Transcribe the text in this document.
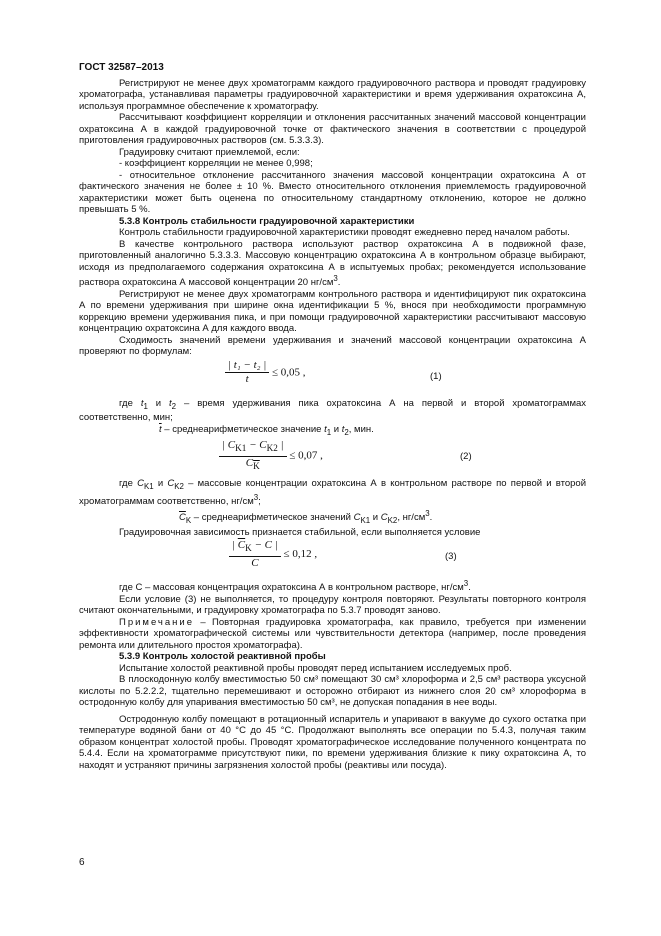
ГОСТ 32587–2013

Регистрируют не менее двух хроматограмм каждого градуировочного раствора и проводят градуировку хроматографа, устанавливая параметры градуировочной характеристики и время удерживания охратоксина А, используя программное обеспечение к хроматографу.

Рассчитывают коэффициент корреляции и отклонения рассчитанных значений массовой концентрации охратоксина А в каждой градуировочной точке от фактического значения в соответствии с процедурой приготовления градуировочных растворов (см. 5.3.3.3).

Градуировку считают приемлемой, если:

- коэффициент корреляции не менее 0,998;

- относительное отклонение рассчитанного значения массовой концентрации охратоксина А от фактического значения не более ± 10 %. Вместо относительного отклонения приемлемость градуировочной характеристики может быть оценена по относительному стандартному отклонению, которое не должно превышать 5 %.

5.3.8 Контроль стабильности градуировочной характеристики

Контроль стабильности градуировочной характеристики проводят ежедневно перед началом работы.

В качестве контрольного раствора используют раствор охратоксина А в подвижной фазе, приготовленный аналогично 5.3.3.3. Массовую концентрацию охратоксина А в контрольном образце выбирают, исходя из предполагаемого содержания охратоксина А в испытуемых пробах; рекомендуется использование раствора охратоксина А массовой концентрации 20 $нг/см^3$.

Регистрируют не менее двух хроматограмм контрольного раствора и идентифицируют пик охратоксина А по времени удерживания при ширине окна идентификации 5 %, внося при необходимости программную коррекцию времени удерживания пика, и при помощи градуировочной характеристики рассчитывают массовую концентрацию охратоксина А для каждого ввода.

Сходимость значений времени удерживания и значений массовой концентрации охратоксина А проверяют по формулам:

$\frac{\text{| t₁ − t₂ |}}{t} \le 0,05$ ,	(1)

где $t_1$ и $t_2$ – время удерживания пика охратоксина А на первой и второй хроматограммах соответственно, мин;

$\overline{t}$ – среднеарифметическое значение $t_1$ и $t_2$, мин.

$\frac{| C_{K1} - C_{K2} |}{C_K} \le 0,07$ ,	(2)

где $C_{K1}$ и $C_{K2}$ – массовые концентрации охратоксина А в контрольном растворе по первой и второй хроматограммам соответственно, $нг/см^3$;

$\overline{C}_K$ – среднеарифметическое значений $C_{K1}$ и $C_{K2}$, $нг/см^3$.

Градуировочная зависимость признается стабильной, если выполняется условие

$\frac{| \overline{C}_K - C |}{C} \le 0,12$ ,	(3)

где C – массовая концентрация охратоксина А в контрольном растворе, $нг/см^3$.

Если условие (3) не выполняется, то процедуру контроля повторяют. Результаты повторного контроля считают окончательными, и градуировку хроматографа по 5.3.7 проводят заново.

Примечание – Повторная градуировка хроматографа, как правило, требуется при изменении эффективности хроматографической системы или чувствительности детектора (например, после проведения ремонта или длительного простоя хроматографа).

5.3.9 Контроль холостой реактивной пробы

Испытание холостой реактивной пробы проводят перед испытанием исследуемых проб.

В плоскодонную колбу вместимостью 50 см³ помещают 30 см³ хлороформа и 2,5 см³ раствора уксусной кислоты по 5.2.2.2, тщательно перемешивают и осторожно отбирают из нижнего слоя 20 см³ хлороформа в остродонную колбу для упаривания вместимостью 50 см³, не допуская попадания в нее воды.

Остродонную колбу помещают в ротационный испаритель и упаривают в вакууме до сухого остатка при температуре водяной бани от 40 °С до 45 °С. Продолжают выполнять все операции по 5.4.3, получая таким образом концентрат холостой пробы. Проводят хроматографическое исследование полученного концентрата по 5.4.4. Если на хроматограмме присутствуют пики, по времени удерживания близкие к пику охратоксина А, то находят и устраняют причины загрязнения холостой пробы (реактивы или посуда).

6
